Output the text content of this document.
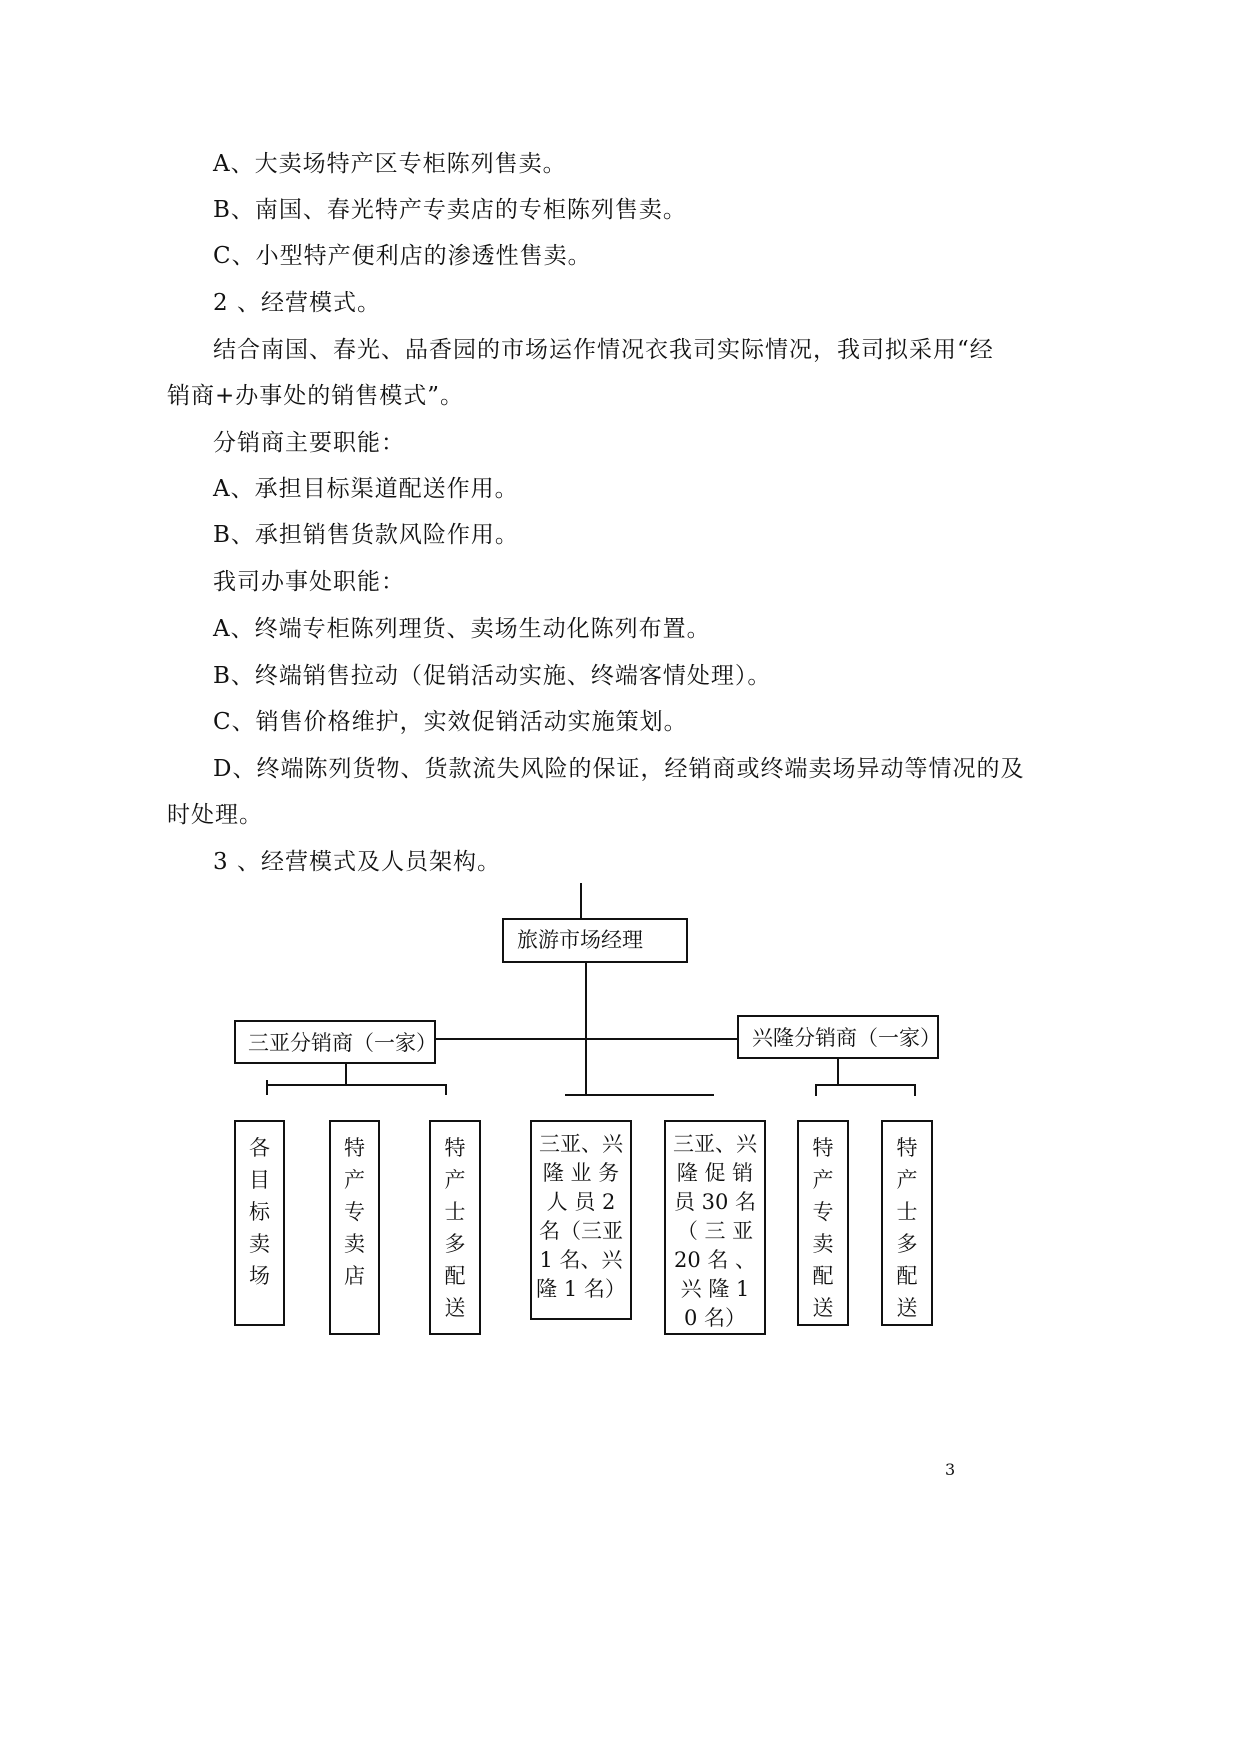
A、大卖场特产区专柜陈列售卖。
B、南国、春光特产专卖店的专柜陈列售卖。
C、小型特产便利店的渗透性售卖。
2 、经营模式。
结合南国、春光、品香园的市场运作情况衣我司实际情况，我司拟采用“经
销商+办事处的销售模式”。
分销商主要职能：
A、承担目标渠道配送作用。
B、承担销售货款风险作用。
我司办事处职能：
A、终端专柜陈列理货、卖场生动化陈列布置。
B、终端销售拉动（促销活动实施、终端客情处理）。
C、销售价格维护，实效促销活动实施策划。
D、终端陈列货物、货款流失风险的保证，经销商或终端卖场异动等情况的及
时处理。
3 、经营模式及人员架构。
旅游市场经理
三亚分销商（一家）	兴隆分销商（一家）
各
目
标
卖
场
特
产
专
卖
店
特
产
士
多
配
送
三亚、兴
隆 业 务
人 员 2
名（三亚
1 名、兴
隆 1 名）
三亚、兴
隆 促 销
员 30 名
（ 三 亚
20 名 、
兴 隆 1
0 名）
特
产
专
卖
配
送
特
产
士
多
配
送
3
